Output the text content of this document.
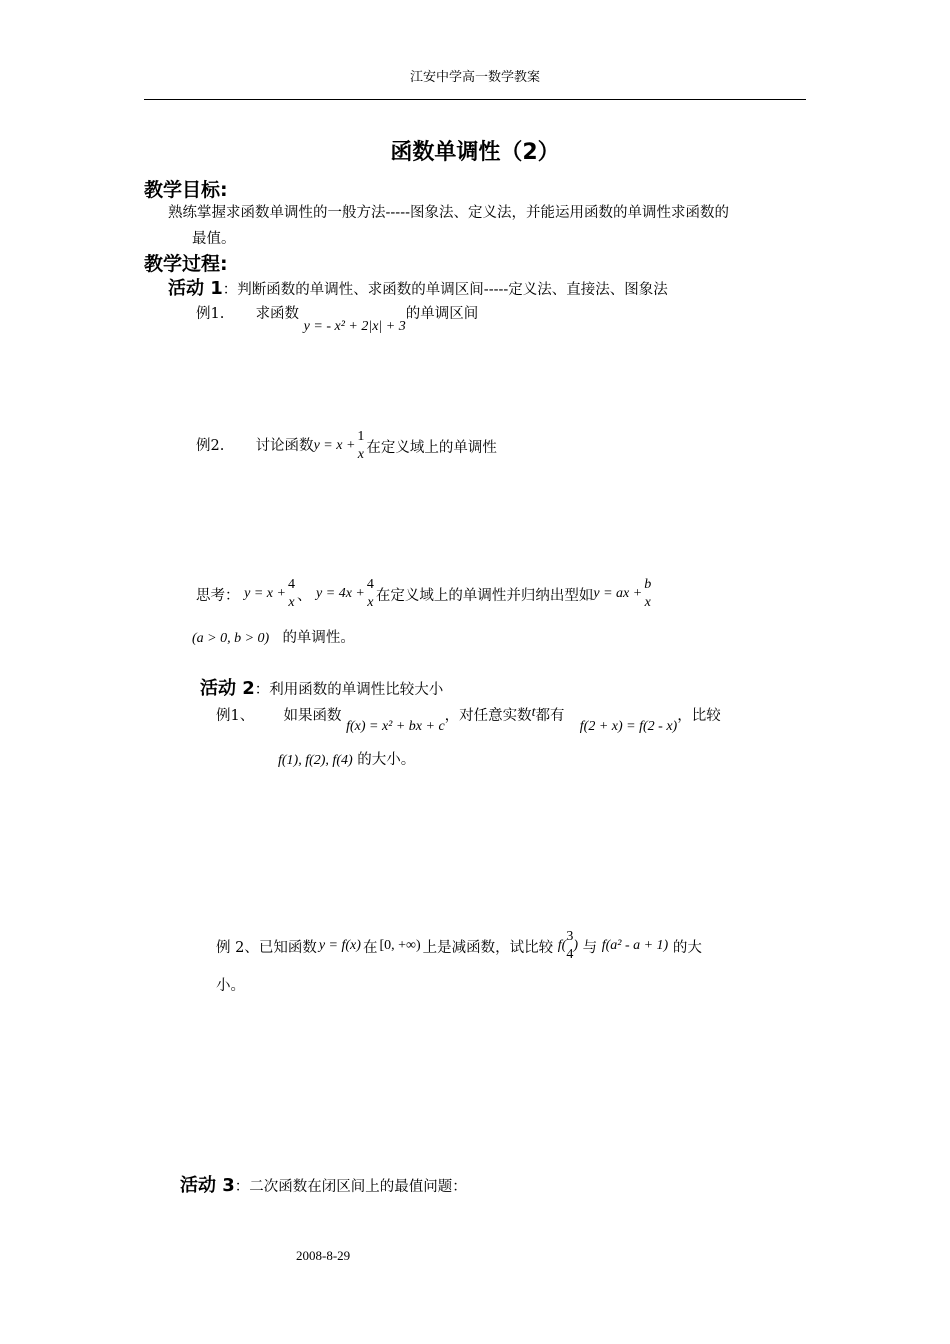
江安中学高一数学教案
函数单调性（2）
教学目标:
熟练掌握求函数单调性的一般方法-----图象法、定义法，并能运用函数的单调性求函数的
最值。
教学过程:
活动 1：判断函数的单调性、求函数的单调区间-----定义法、直接法、图象法
例1. 求函数 y = - x² + 2|x| + 3的单调区间
例2. 讨论函数y = x +
1
x 在定义域上的单调性
思考： y = x +
4
x 、 y = 4x +
4
x 在定义域上的单调性并归纳出型如y = ax +
b
x
(a > 0, b > 0) 的单调性。
活动 2：利用函数的单调性比较大小
例1、 如果函数 f(x) = x² + bx + c，对任意实数t都有  f(2 + x) = f(2 - x)，比较
f(1), f(2), f(4) 的大小。
例 2、已知函数 y = f(x) 在 [0, +∞) 上是减函数，试比较 f(
3
4
) 与 f(a² - a + 1) 的大
小。
活动 3：二次函数在闭区间上的最值问题：
2008-8-29
